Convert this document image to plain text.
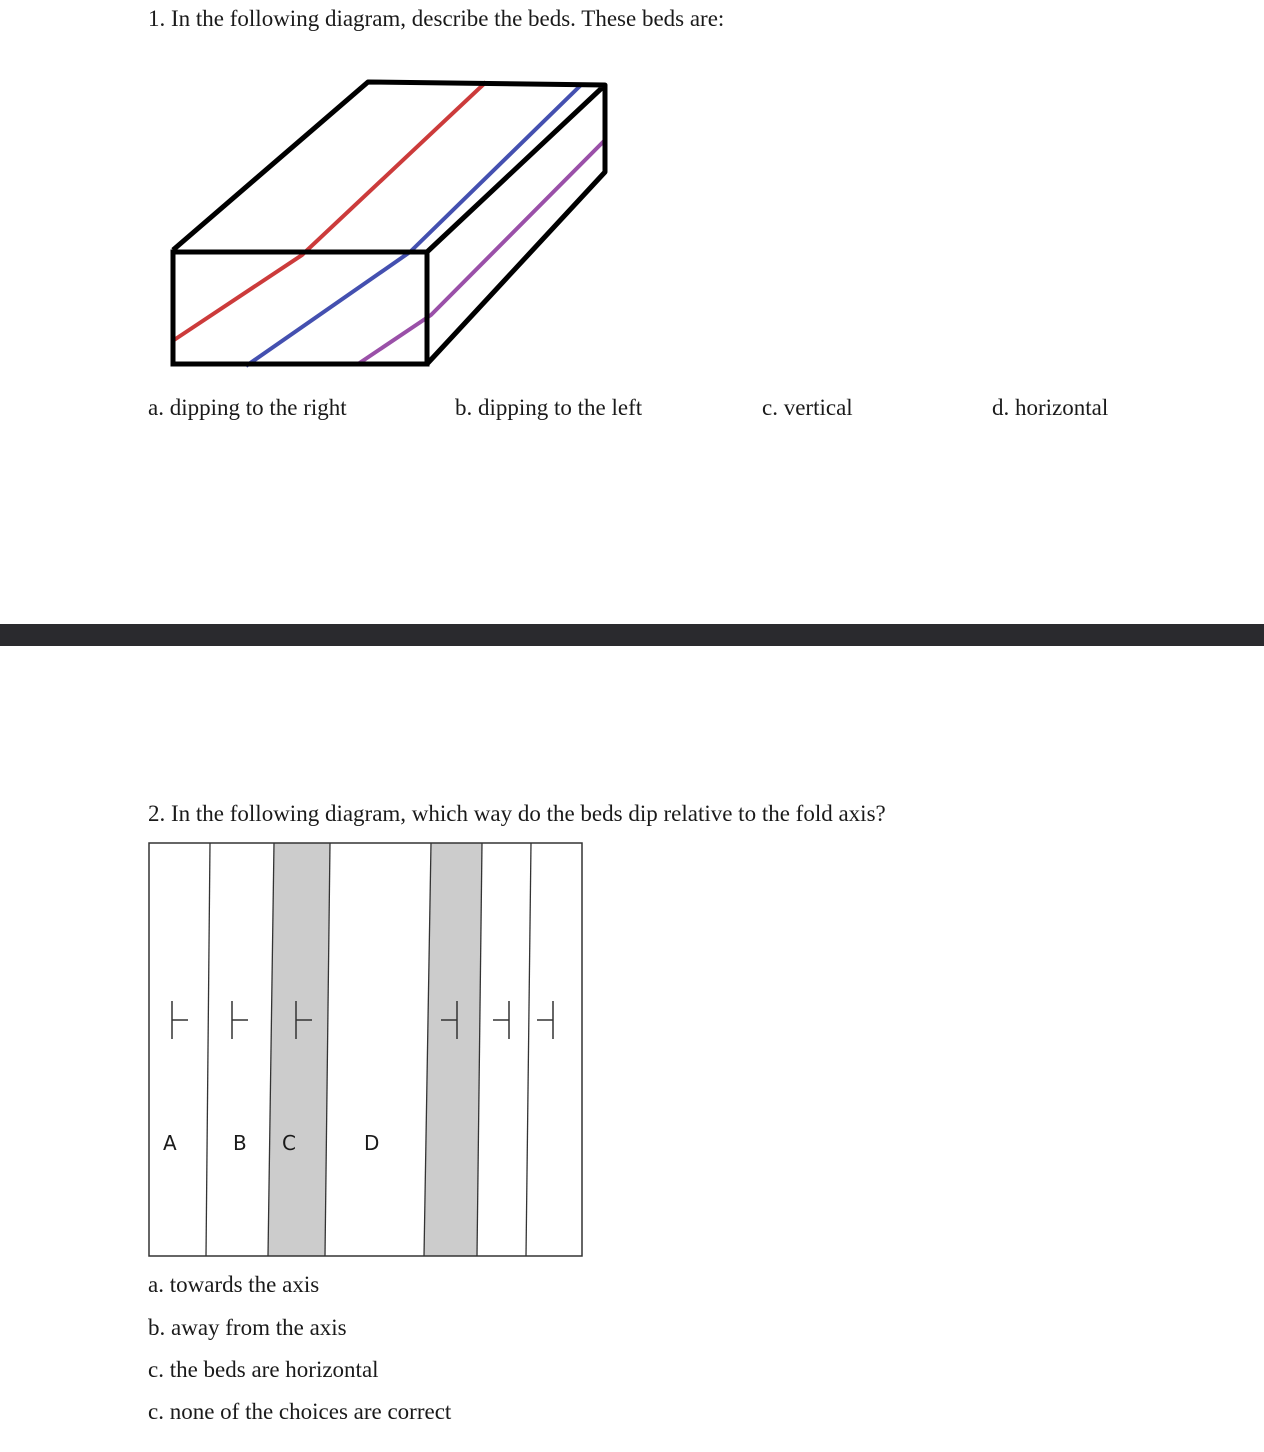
1. In the following diagram, describe the beds. These beds are:
a. dipping to the right	b. dipping to the left	c. vertical	d. horizontal
2. In the following diagram, which way do the beds dip relative to the fold axis?
A	B C	D
a. towards the axis
b. away from the axis
c. the beds are horizontal
c. none of the choices are correct
